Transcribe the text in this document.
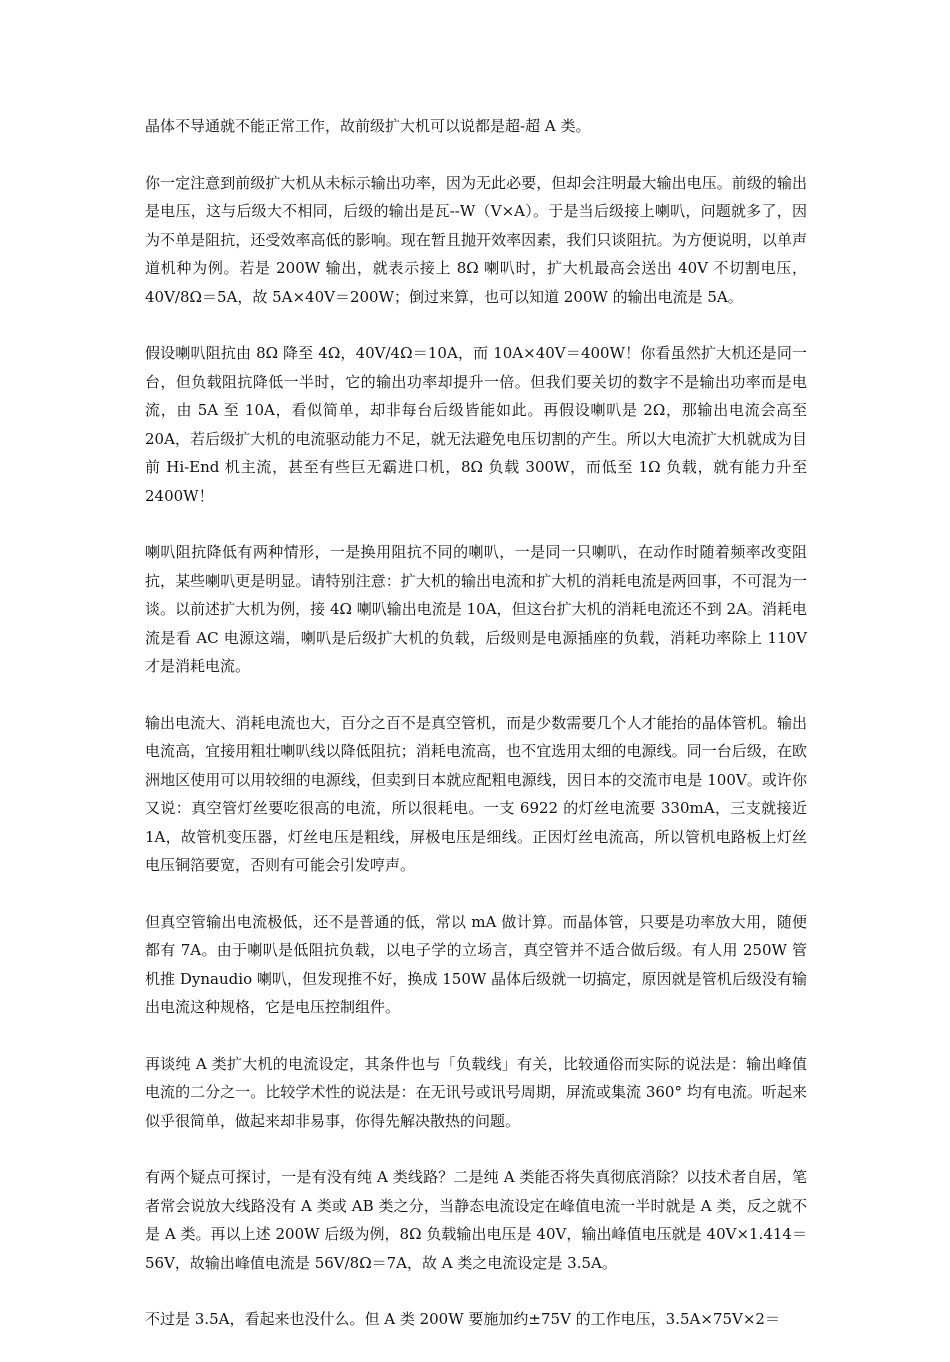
晶体不导通就不能正常工作，故前级扩大机可以说都是超-超 A 类。

你一定注意到前级扩大机从未标示输出功率，因为无此必要，但却会注明最大输出电压。前级的输出是电压，这与后级大不相同，后级的输出是瓦--W（V×A）。于是当后级接上喇叭，问题就多了，因为不单是阻抗，还受效率高低的影响。现在暂且抛开效率因素，我们只谈阻抗。为方便说明，以单声道机种为例。若是 200W 输出，就表示接上 8Ω 喇叭时，扩大机最高会送出 40V 不切割电压，40V/8Ω＝5A，故 5A×40V＝200W；倒过来算，也可以知道 200W 的输出电流是 5A。

假设喇叭阻抗由 8Ω 降至 4Ω，40V/4Ω＝10A，而 10A×40V＝400W！你看虽然扩大机还是同一台，但负载阻抗降低一半时，它的输出功率却提升一倍。但我们要关切的数字不是输出功率而是电流，由 5A 至 10A，看似简单，却非每台后级皆能如此。再假设喇叭是 2Ω，那输出电流会高至 20A，若后级扩大机的电流驱动能力不足，就无法避免电压切割的产生。所以大电流扩大机就成为目前 Hi-End 机主流，甚至有些巨无霸进口机，8Ω 负载 300W，而低至 1Ω 负载，就有能力升至 2400W！

喇叭阻抗降低有两种情形，一是换用阻抗不同的喇叭，一是同一只喇叭，在动作时随着频率改变阻抗，某些喇叭更是明显。请特别注意：扩大机的输出电流和扩大机的消耗电流是两回事，不可混为一谈。以前述扩大机为例，接 4Ω 喇叭输出电流是 10A，但这台扩大机的消耗电流还不到 2A。消耗电流是看 AC 电源这端，喇叭是后级扩大机的负载，后级则是电源插座的负载，消耗功率除上 110V 才是消耗电流。

输出电流大、消耗电流也大，百分之百不是真空管机，而是少数需要几个人才能抬的晶体管机。输出电流高，宜接用粗壮喇叭线以降低阻抗；消耗电流高，也不宜选用太细的电源线。同一台后级，在欧洲地区使用可以用较细的电源线，但卖到日本就应配粗电源线，因日本的交流市电是 100V。或许你又说：真空管灯丝要吃很高的电流，所以很耗电。一支 6922 的灯丝电流要 330mA，三支就接近 1A，故管机变压器，灯丝电压是粗线，屏极电压是细线。正因灯丝电流高，所以管机电路板上灯丝电压铜箔要宽，否则有可能会引发哼声。

但真空管输出电流极低，还不是普通的低，常以 mA 做计算。而晶体管，只要是功率放大用，随便都有 7A。由于喇叭是低阻抗负载，以电子学的立场言，真空管并不适合做后级。有人用 250W 管机推 Dynaudio 喇叭，但发现推不好，换成 150W 晶体后级就一切搞定，原因就是管机后级没有输出电流这种规格，它是电压控制组件。

再谈纯 A 类扩大机的电流设定，其条件也与「负载线」有关，比较通俗而实际的说法是：输出峰值电流的二分之一。比较学术性的说法是：在无讯号或讯号周期，屏流或集流 360° 均有电流。听起来似乎很简单，做起来却非易事，你得先解决散热的问题。

有两个疑点可探讨，一是有没有纯 A 类线路？二是纯 A 类能否将失真彻底消除？以技术者自居，笔者常会说放大线路没有 A 类或 AB 类之分，当静态电流设定在峰值电流一半时就是 A 类，反之就不是 A 类。再以上述 200W 后级为例，8Ω 负载输出电压是 40V，输出峰值电压就是 40V×1.414＝56V，故输出峰值电流是 56V/8Ω＝7A，故 A 类之电流设定是 3.5A。

不过是 3.5A，看起来也没什么。但 A 类 200W 要施加约±75V 的工作电压，3.5A×75V×2＝
